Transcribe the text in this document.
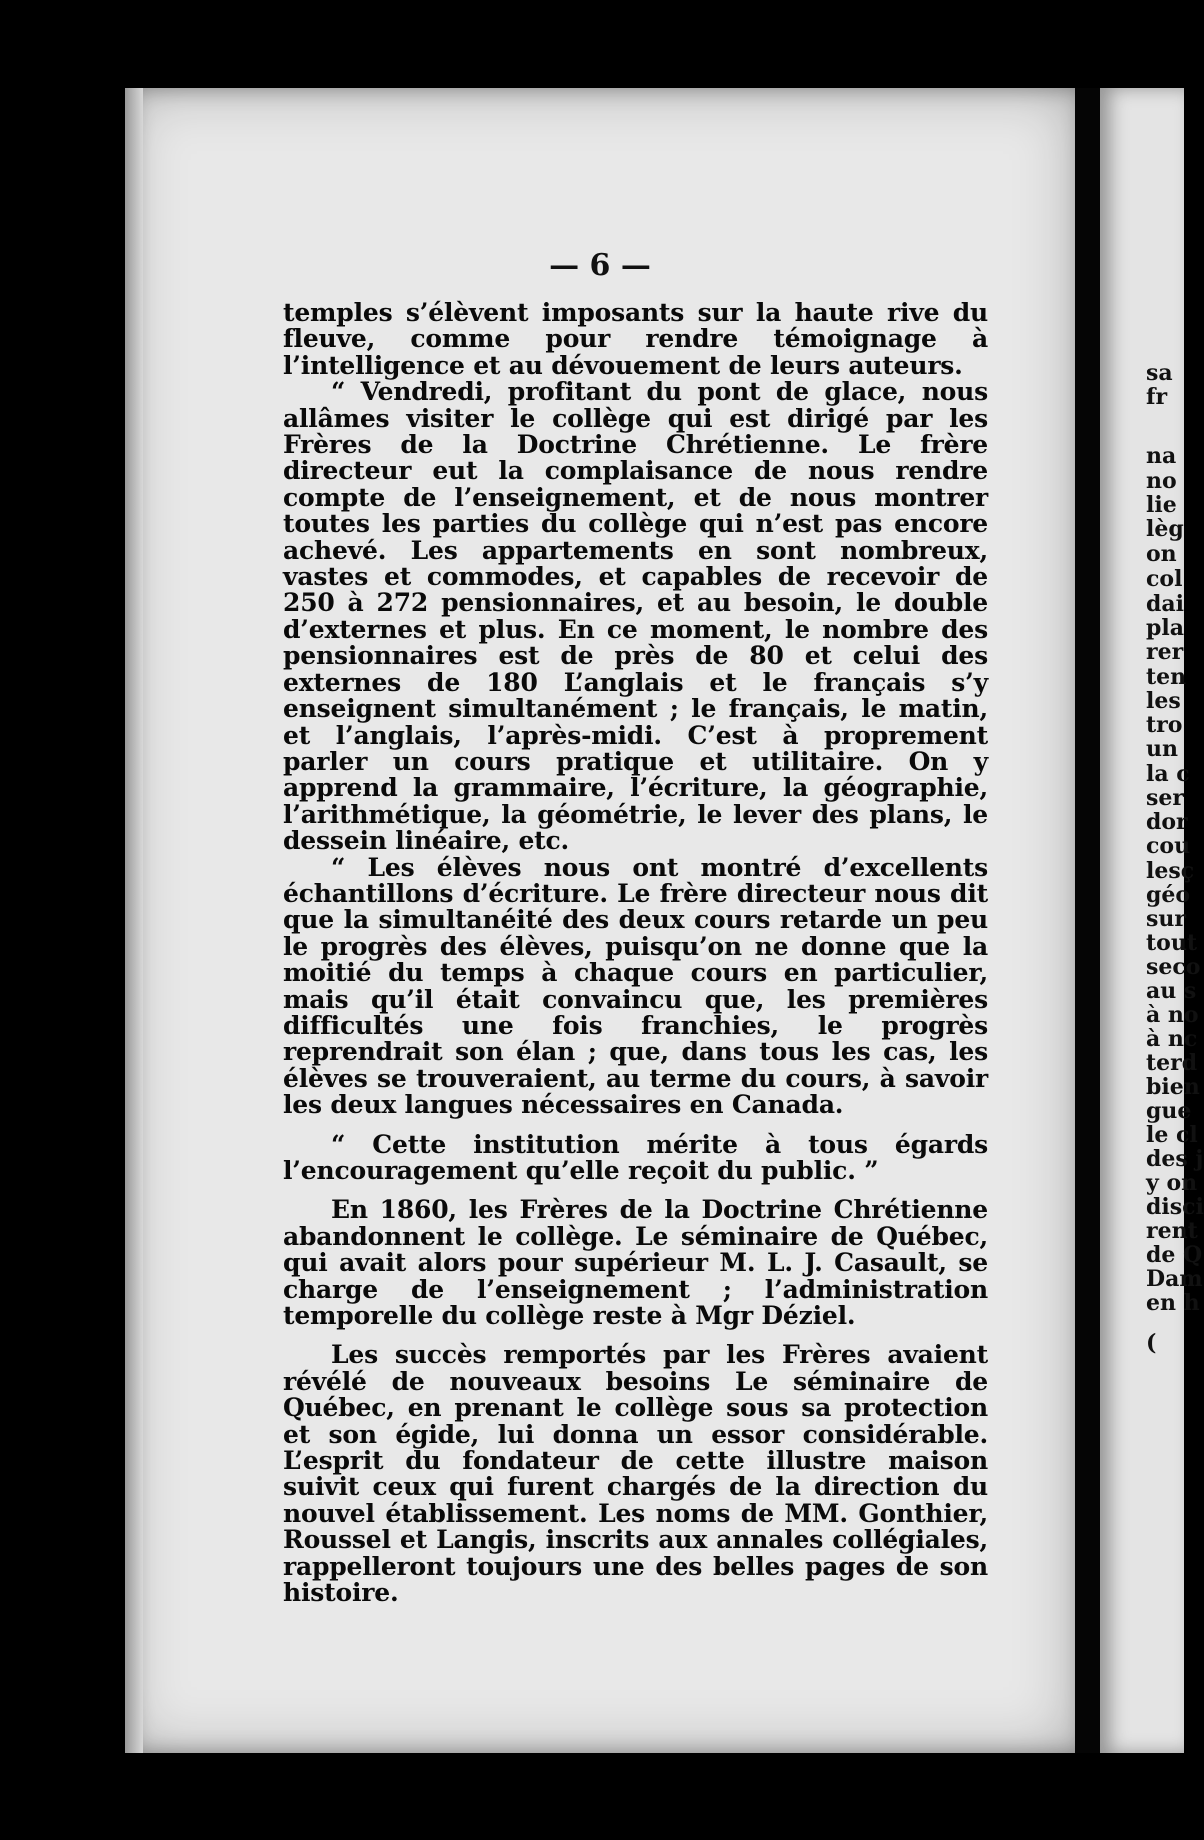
— 6 —

temples s’élèvent imposants sur la haute rive du fleuve, comme pour rendre témoignage à l’intelligence et au dévouement de leurs auteurs.

“ Vendredi, profitant du pont de glace, nous allâmes visiter le collège qui est dirigé par les Frères de la Doctrine Chrétienne. Le frère directeur eut la complaisance de nous rendre compte de l’enseignement, et de nous montrer toutes les parties du collège qui n’est pas encore achevé. Les appartements en sont nombreux, vastes et commodes, et capables de recevoir de 250 à 272 pensionnaires, et au besoin, le double d’externes et plus. En ce moment, le nombre des pensionnaires est de près de 80 et celui des externes de 180 L’anglais et le français s’y enseignent simultanément ; le français, le matin, et l’anglais, l’après-midi. C’est à proprement parler un cours pratique et utilitaire. On y apprend la grammaire, l’écriture, la géographie, l’arithmétique, la géométrie, le lever des plans, le dessein linéaire, etc.

“ Les élèves nous ont montré d’excellents échantillons d’écriture. Le frère directeur nous dit que la simultanéité des deux cours retarde un peu le progrès des élèves, puisqu’on ne donne que la moitié du temps à chaque cours en particulier, mais qu’il était convaincu que, les premières difficultés une fois franchies, le progrès reprendrait son élan ; que, dans tous les cas, les élèves se trouveraient, au terme du cours, à savoir les deux langues nécessaires en Canada.

“ Cette institution mérite à tous égards l’encouragement qu’elle reçoit du public. ”

En 1860, les Frères de la Doctrine Chrétienne abandonnent le collège. Le séminaire de Québec, qui avait alors pour supérieur M. L. J. Casault, se charge de l’enseignement ; l’administration temporelle du collège reste à Mgr Déziel.

Les succès remportés par les Frères avaient révélé de nouveaux besoins Le séminaire de Québec, en prenant le collège sous sa protection et son égide, lui donna un essor considérable. L’esprit du fondateur de cette illustre maison suivit ceux qui furent chargés de la direction du nouvel établissement. Les noms de MM. Gonthier, Roussel et Langis, inscrits aux annales collégiales, rappelleront toujours une des belles pages de son histoire.

sa
fr
na
no
lie
lèg
on
col
dai
pla
rer
ten
les
tro
un
la c
ser
dor
cou
lesç
géo
sur
tout
seco
au s
à no
à nc
terd
bien
gue
le cl
des j
y on
disci
rent
de Q
Dam
en h
(
